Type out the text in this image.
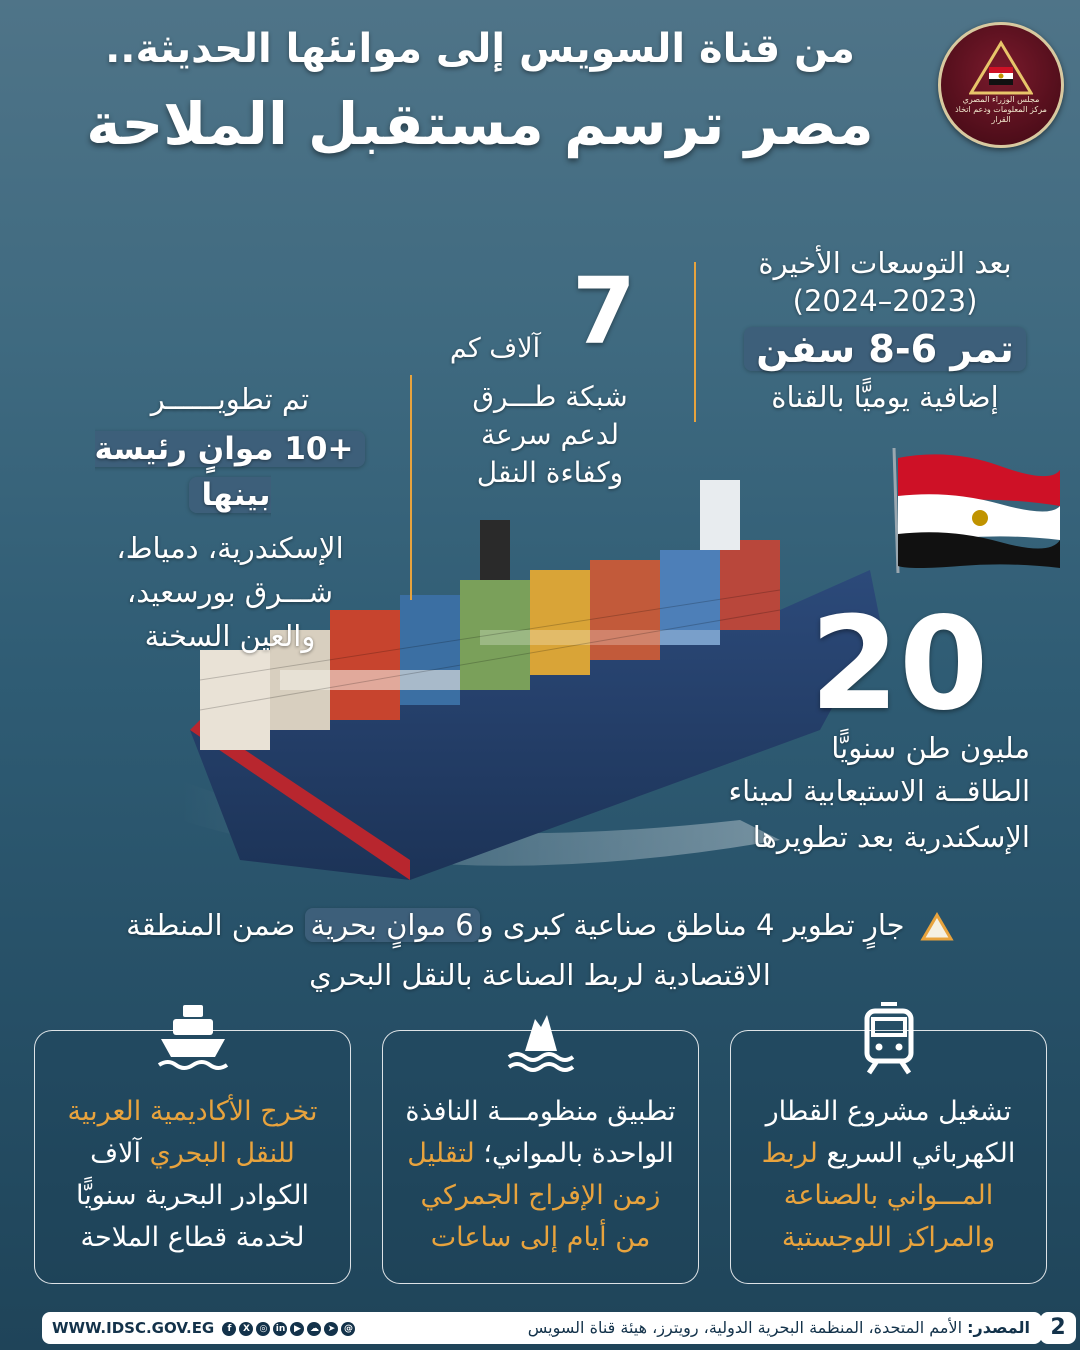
من قناة السويس إلى موانئها الحديثة..
مصر ترسم مستقبل الملاحة	مجلس الوزراء المصري
مركز المعلومات ودعم اتخاذ القرار
بعد التوسعات الأخيرة
(2023–2024)
تمر 6-8 سفن
إضافية يوميًّا بالقناة
7
آلاف كم
شبكة طـــرق
لدعم سرعة
وكفاءة النقل
تم تطويــــــر
+10 موانٍ رئيسة بينها
الإسكندرية، دمياط،
شـــرق بورسعيد،
والعين السخنة	20
مليون طن سنويًّا
الطاقــة الاستيعابية لميناء
الإسكندرية بعد تطويرها
جارٍ تطوير 4 مناطق صناعية كبرى و6 موانٍ بحرية ضمن المنطقة
الاقتصادية لربط الصناعة بالنقل البحري
تشغيل مشروع القطار
الكهربائي السريع لربط
المـــواني بالصناعة
والمراكز اللوجستية
تطبيق منظومـــة النافذة
الواحدة بالمواني؛ لتقليل
زمن الإفراج الجمركي
من أيام إلى ساعات
تخرج الأكاديمية العربية
للنقل البحري آلاف
الكوادر البحرية سنويًّا
لخدمة قطاع الملاحة
المصدر: الأمم المتحدة، المنظمة البحرية الدولية، رويترز، هيئة قناة السويس
WWW.IDSC.GOV.EG f X ◎ in ▶ ☁ ➤ @	2
